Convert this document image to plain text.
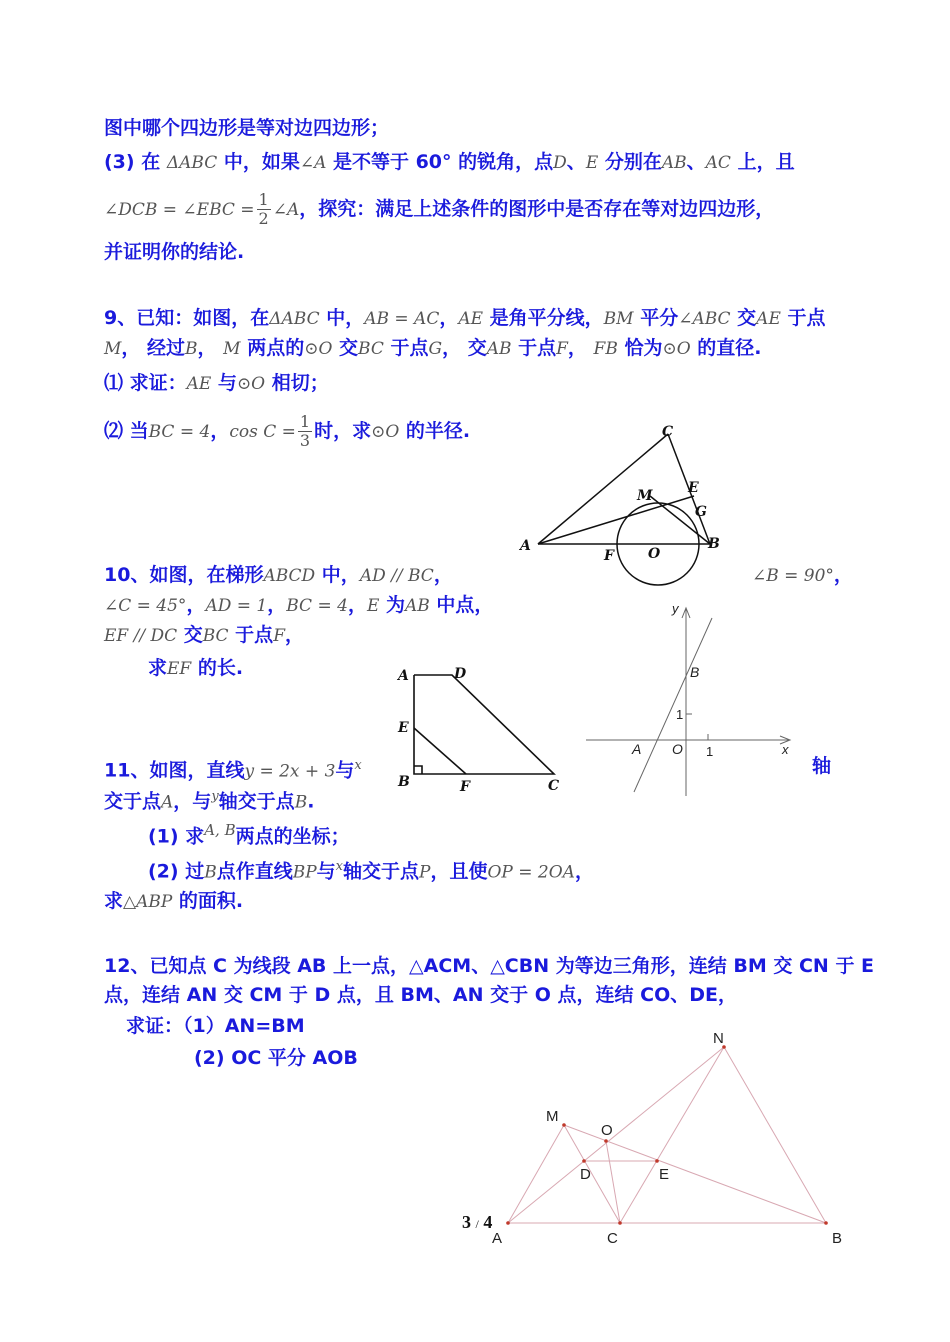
图中哪个四边形是等对边四边形；
(3) 在 ΔABC 中，如果∠A 是不等于 60° 的锐角，点D、E 分别在AB、AC 上，且
∠DCB = ∠EBC = $\frac{1}{2}$ ∠A，探究：满足上述条件的图形中是否存在等对边四边形，
并证明你的结论.
9、已知：如图，在ΔABC 中，AB = AC，AE 是角平分线，BM 平分∠ABC 交AE 于点
M， 经过B， M 两点的⊙O 交BC 于点G， 交AB 于点F， FB 恰为⊙O 的直径.
⑴ 求证：AE 与⊙O 相切；
⑵ 当BC = 4，$\cos C = \frac{1}{3}$ 时，求⊙O 的半径.	C
E
M
G
A
F O
B
10、如图，在梯形ABCD 中，AD // BC，	∠B = 90°，
∠C = 45°，AD = 1，BC = 4，E 为AB 中点，
EF // DC 交BC 于点F，
求EF 的长.	A	D
E
B	F	C
y
B
1
A O 1	x
11、如图，直线y = 2x + 3与$^x$	轴
交于点A，与$^y$轴交于点B.
(1) 求$^{A, B}$两点的坐标；
(2) 过B点作直线BP与$^x$轴交于点P，且使OP = 2OA，
求△ABP 的面积.
12、已知点 C 为线段 AB 上一点，△ACM、△CBN 为等边三角形，连结 BM 交 CN 于 E
点，连结 AN 交 CM 于 D 点，且 BM、AN 交于 O 点，连结 CO、DE，
求证：（1）AN=BM
(2) OC 平分 AOB
N
M
O
D	E
A	C	B
3 / 4
